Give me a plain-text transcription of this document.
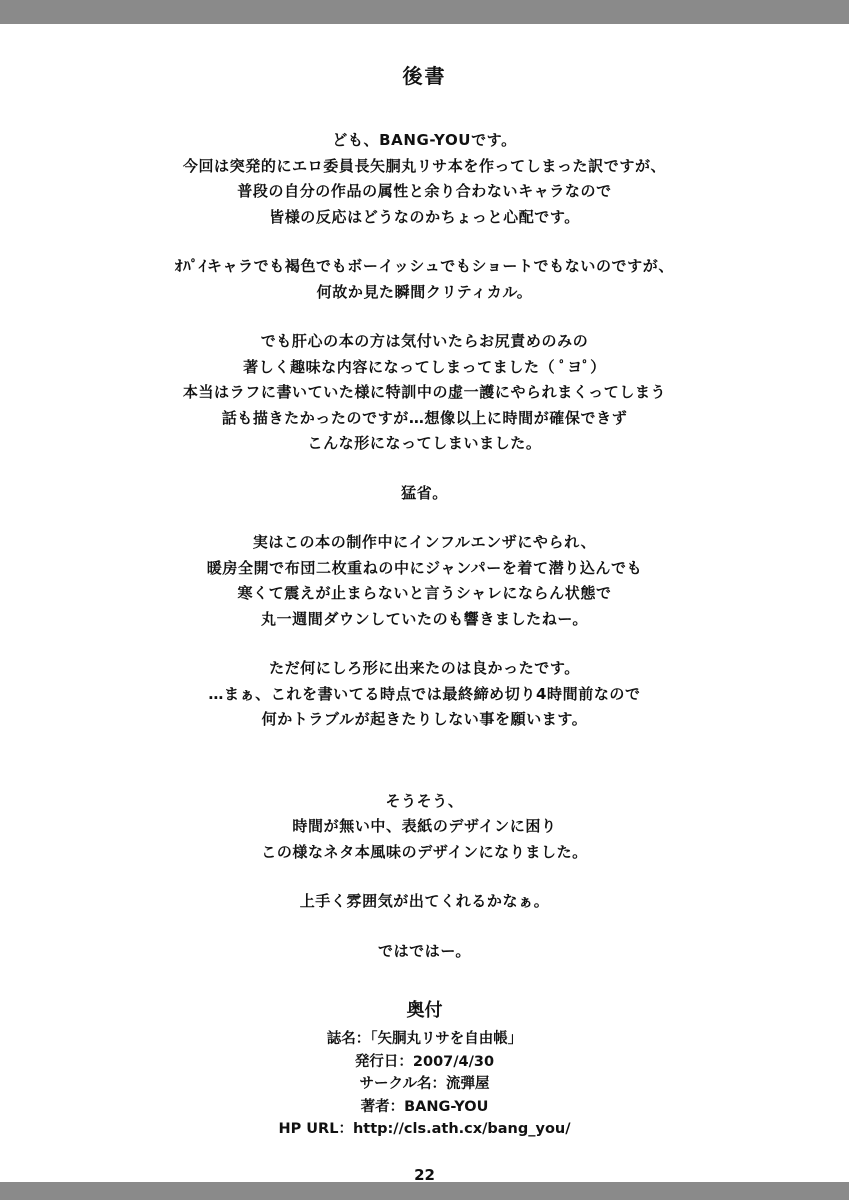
後書
ども、BANG-YOUです。
今回は突発的にエロ委員長矢胴丸リサ本を作ってしまった訳ですが、
普段の自分の作品の属性と余り合わないキャラなので
皆様の反応はどうなのかちょっと心配です。
ｵﾊﾟｲキャラでも褐色でもボーイッシュでもショートでもないのですが、
何故か見た瞬間クリティカル。
でも肝心の本の方は気付いたらお尻責めのみの
著しく趣味な内容になってしまってました（ ﾟヨﾟ）
本当はラフに書いていた様に特訓中の虚一護にやられまくってしまう
話も描きたかったのですが…想像以上に時間が確保できず
こんな形になってしまいました。
猛省。
実はこの本の制作中にインフルエンザにやられ、
暖房全開で布団二枚重ねの中にジャンパーを着て潜り込んでも
寒くて震えが止まらないと言うシャレにならん状態で
丸一週間ダウンしていたのも響きましたねー。
ただ何にしろ形に出来たのは良かったです。
…まぁ、これを書いてる時点では最終締め切り4時間前なので
何かトラブルが起きたりしない事を願います。
そうそう、
時間が無い中、表紙のデザインに困り
この様なネタ本風味のデザインになりました。
上手く雰囲気が出てくれるかなぁ。
ではではー。
奥付
誌名：「矢胴丸リサを自由帳」
発行日：2007/4/30
サークル名：流弾屋
著者：BANG-YOU
HP URL：http://cls.ath.cx/bang_you/
22
